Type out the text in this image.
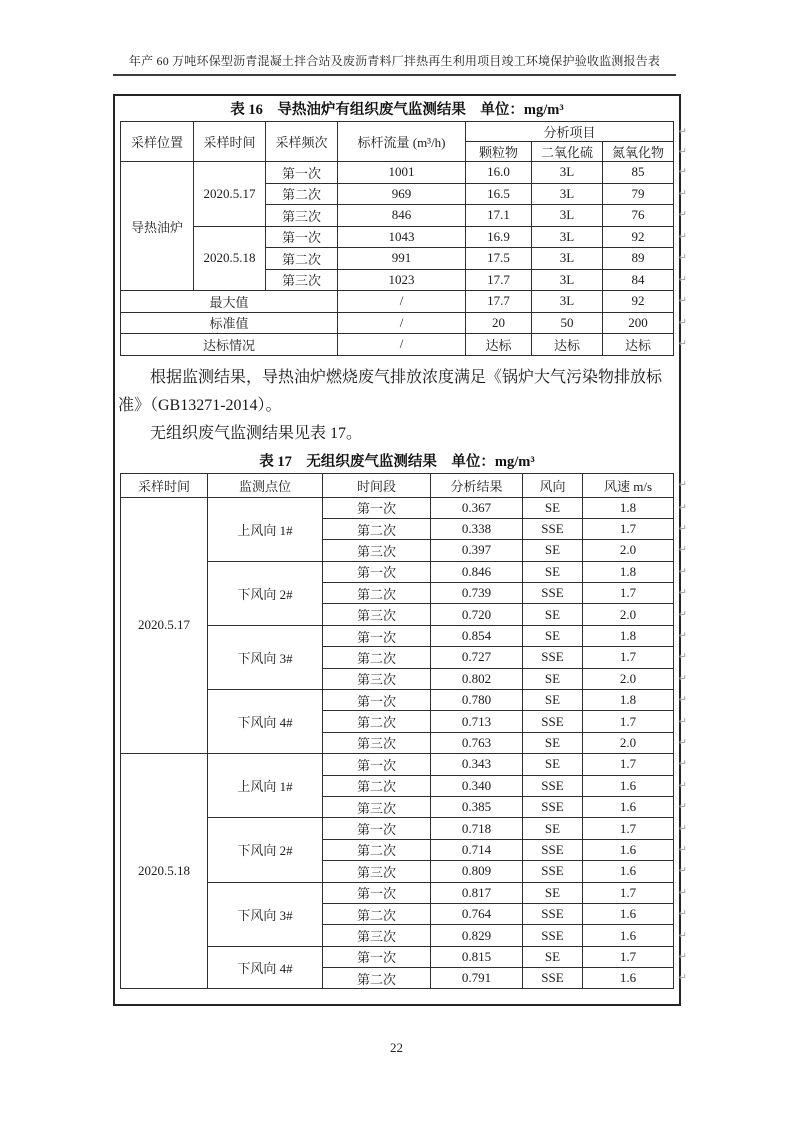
年产 60 万吨环保型沥青混凝土拌合站及废沥青料厂拌热再生利用项目竣工环境保护验收监测报告表
表 16　导热油炉有组织废气监测结果　单位：mg/m³
采样位置	采样时间	采样频次	标杆流量 (m³/h)	分析项目 ↵		

				颗粒物	二氧化硫	氮氧化物 ↵

导热油炉	2020.5.17	第一次	1001	16.0	3L	85 ↵

		第二次	969	16.5	3L	79 ↵

		第三次	846	17.1	3L	76 ↵

	2020.5.18	第一次	1043	16.9	3L	92 ↵

		第二次	991	17.5	3L	89 ↵

		第三次	1023	17.7	3L	84 ↵

最大值			/	17.7	3L	92 ↵

标准值			/	20	50	200 ↵

达标情况			/	达标	达标	达标 ↵

根据监测结果，导热油炉燃烧废气排放浓度满足《锅炉大气污染物排放标准》（GB13271-2014）。

无组织废气监测结果见表 17。

表 17　无组织废气监测结果　单位：mg/m³
采样时间	监测点位	时间段	分析结果	风向	风速 m/s ↵

2020.5.17	上风向 1#	第一次	0.367	SE	1.8 ↵

		第二次	0.338	SSE	1.7 ↵

		第三次	0.397	SE	2.0 ↵

	下风向 2#	第一次	0.846	SE	1.8 ↵

		第二次	0.739	SSE	1.7 ↵

		第三次	0.720	SE	2.0 ↵

	下风向 3#	第一次	0.854	SE	1.8 ↵

		第二次	0.727	SSE	1.7 ↵

		第三次	0.802	SE	2.0 ↵

	下风向 4#	第一次	0.780	SE	1.8 ↵

		第二次	0.713	SSE	1.7 ↵

		第三次	0.763	SE	2.0 ↵

2020.5.18	上风向 1#	第一次	0.343	SE	1.7 ↵

		第二次	0.340	SSE	1.6 ↵

		第三次	0.385	SSE	1.6 ↵

	下风向 2#	第一次	0.718	SE	1.7 ↵

		第二次	0.714	SSE	1.6 ↵

		第三次	0.809	SSE	1.6 ↵

	下风向 3#	第一次	0.817	SE	1.7 ↵

		第二次	0.764	SSE	1.6 ↵

		第三次	0.829	SSE	1.6 ↵

	下风向 4#	第一次	0.815	SE	1.7 ↵

		第二次	0.791	SSE	1.6 ↵
22
